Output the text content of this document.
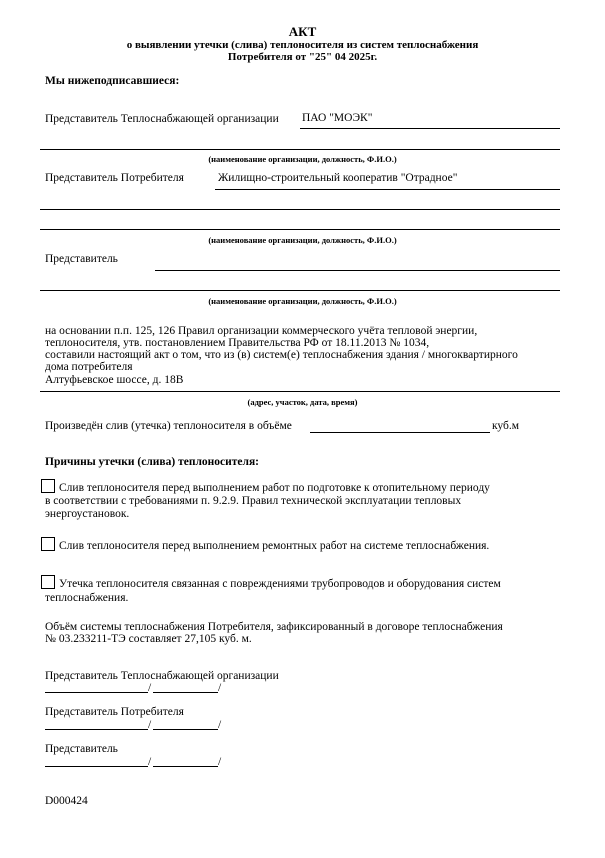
АКТ
о выявлении утечки (слива) теплоносителя из систем теплоснабжения
Потребителя от "25" 04 2025г.
Мы нижеподписавшиеся:
Представитель Теплоснабжающей организации ПАО "МОЭК"
(наименование организации, должность, Ф.И.О.)
Представитель Потребителя	Жилищно-строительный кооператив "Отрадное"
(наименование организации, должность, Ф.И.О.)
Представитель
(наименование организации, должность, Ф.И.О.)
на основании п.п. 125, 126 Правил организации коммерческого учёта тепловой энергии,
теплоносителя, утв. постановлением Правительства РФ от 18.11.2013 № 1034,
составили настоящий акт о том, что из (в) систем(е) теплоснабжения здания / многоквартирного
дома потребителя
Алтуфьевское шоссе, д. 18В
(адрес, участок, дата, время)
Произведён слив (утечка) теплоносителя в объёме	куб.м
Причины утечки (слива) теплоносителя:
Слив теплоносителя перед выполнением работ по подготовке к отопительному периоду
в соответствии с требованиями п. 9.2.9. Правил технической эксплуатации тепловых
энергоустановок.
Слив теплоносителя перед выполнением ремонтных работ на системе теплоснабжения.
Утечка теплоносителя связанная с повреждениями трубопроводов и оборудования систем
теплоснабжения.
Объём системы теплоснабжения Потребителя, зафиксированный в договоре теплоснабжения
№ 03.233211-ТЭ составляет 27,105 куб. м.
Представитель Теплоснабжающей организации
/	/
Представитель Потребителя
/	/
Представитель
/	/
D000424
